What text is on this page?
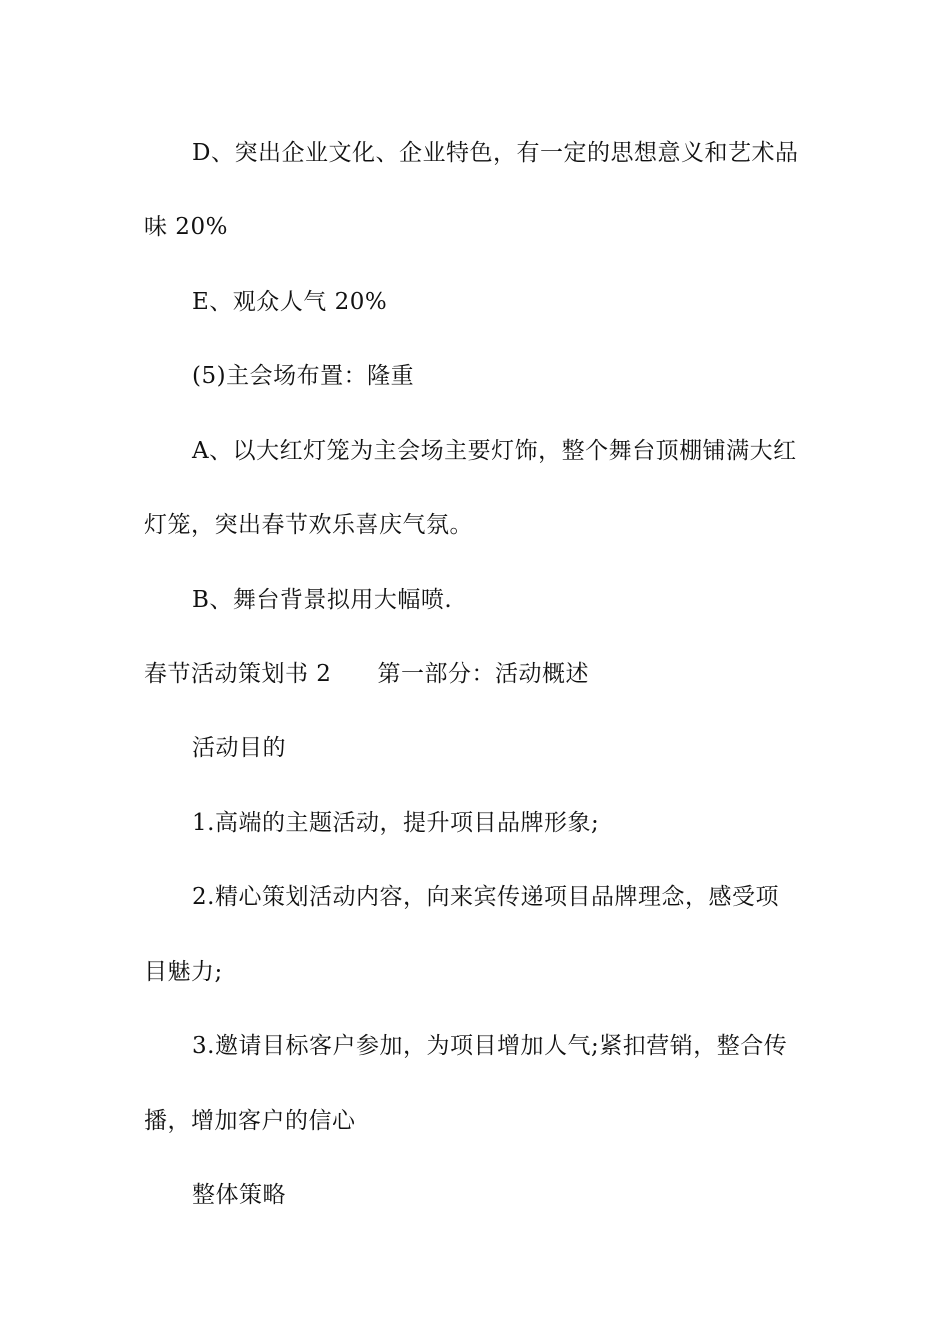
D、突出企业文化、企业特色，有一定的思想意义和艺术品
味 20%
E、观众人气 20%
(5)主会场布置：隆重
A、以大红灯笼为主会场主要灯饰，整个舞台顶棚铺满大红
灯笼，突出春节欢乐喜庆气氛。
B、舞台背景拟用大幅喷.
春节活动策划书 2 第一部分：活动概述
活动目的
1.高端的主题活动，提升项目品牌形象;
2.精心策划活动内容，向来宾传递项目品牌理念，感受项
目魅力;
3.邀请目标客户参加，为项目增加人气;紧扣营销，整合传
播，增加客户的信心
整体策略
